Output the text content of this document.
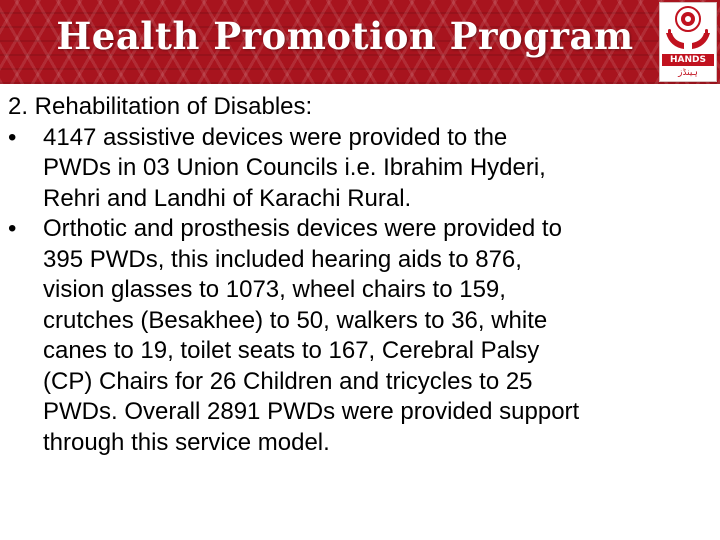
Health Promotion Program
HANDS
ہینڈز
2. Rehabilitation of Disables:
• 4147 assistive devices were provided to the
PWDs in 03 Union Councils i.e. Ibrahim Hyderi,
Rehri and Landhi of Karachi Rural.
• Orthotic and prosthesis devices were provided to
395 PWDs, this included hearing aids to 876,
vision glasses to 1073, wheel chairs to 159,
crutches (Besakhee) to 50, walkers to 36, white
canes to 19, toilet seats to 167, Cerebral Palsy
(CP) Chairs for 26 Children and tricycles to 25
PWDs. Overall 2891 PWDs were provided support
through this service model.
